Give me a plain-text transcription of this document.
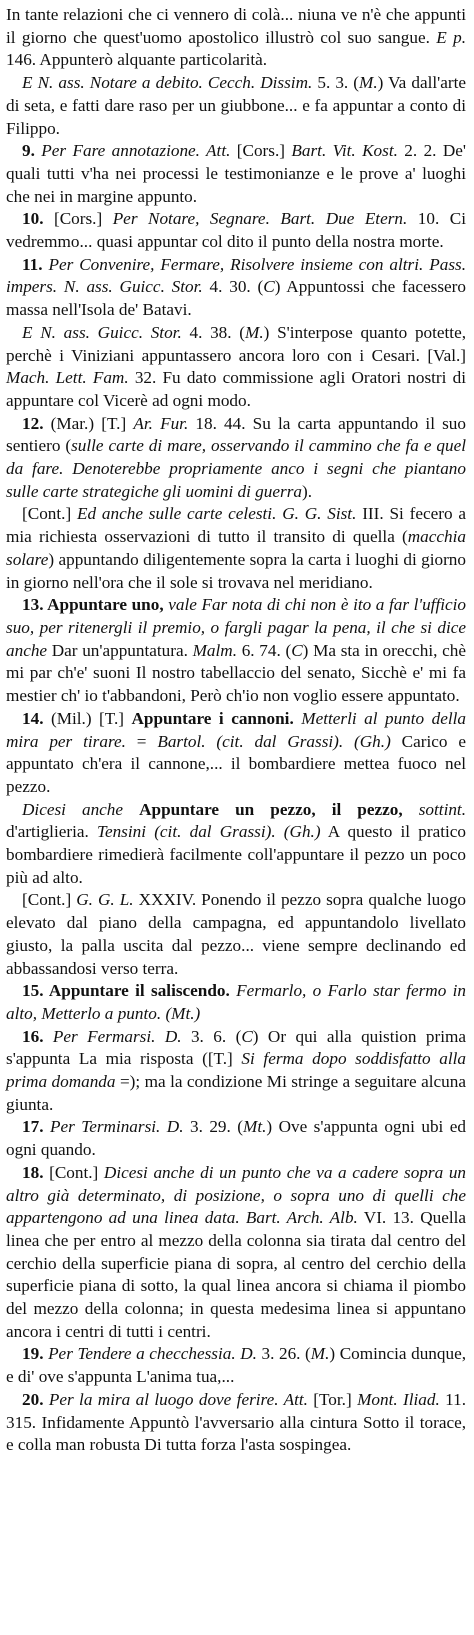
In tante relazioni che ci vennero di colà... niuna ve n'è che appunti il giorno che quest'uomo apostolico illustrò col suo sangue. E p. 146. Appunterò alquante particolarità.

E N. ass. Notare a debito. Cecch. Dissim. 5. 3. (M.) Va dall'arte di seta, e fatti dare raso per un giubbone... e fa appuntar a conto di Filippo.

9. Per Fare annotazione. Att. [Cors.] Bart. Vit. Kost. 2. 2. De' quali tutti v'ha nei processi le testimonianze e le prove a' luoghi che nei in margine appunto.

10. [Cors.] Per Notare, Segnare. Bart. Due Etern. 10. Ci vedremmo... quasi appuntar col dito il punto della nostra morte.

11. Per Convenire, Fermare, Risolvere insieme con altri. Pass. impers. N. ass. Guicc. Stor. 4. 30. (C) Appuntossi che facessero massa nell'Isola de' Batavi.

E N. ass. Guicc. Stor. 4. 38. (M.) S'interpose quanto potette, perchè i Viniziani appuntassero ancora loro con i Cesari. [Val.] Mach. Lett. Fam. 32. Fu dato commissione agli Oratori nostri di appuntare col Vicerè ad ogni modo.

12. (Mar.) [T.] Ar. Fur. 18. 44. Su la carta appuntando il suo sentiero (sulle carte di mare, osservando il cammino che fa e quel da fare. Denoterebbe propriamente anco i segni che piantano sulle carte strategiche gli uomini di guerra).

[Cont.] Ed anche sulle carte celesti. G. G. Sist. III. Si fecero a mia richiesta osservazioni di tutto il transito di quella (macchia solare) appuntando diligentemente sopra la carta i luoghi di giorno in giorno nell'ora che il sole si trovava nel meridiano.

13. Appuntare uno, vale Far nota di chi non è ito a far l'ufficio suo, per ritenergli il premio, o fargli pagar la pena, il che si dice anche Dar un'appuntatura. Malm. 6. 74. (C) Ma sta in orecchi, chè mi par ch'e' suoni Il nostro tabellaccio del senato, Sicchè e' mi fa mestier ch' io t'abbandoni, Però ch'io non voglio essere appuntato.

14. (Mil.) [T.] Appuntare i cannoni. Metterli al punto della mira per tirare. = Bartol. (cit. dal Grassi). (Gh.) Carico e appuntato ch'era il cannone,... il bombardiere mettea fuoco nel pezzo.

Dicesi anche Appuntare un pezzo, il pezzo, sottint. d'artiglieria. Tensini (cit. dal Grassi). (Gh.) A questo il pratico bombardiere rimedierà facilmente coll'appuntare il pezzo un poco più ad alto.

[Cont.] G. G. L. XXXIV. Ponendo il pezzo sopra qualche luogo elevato dal piano della campagna, ed appuntandolo livellato giusto, la palla uscita dal pezzo... viene sempre declinando ed abbassandosi verso terra.

15. Appuntare il saliscendo. Fermarlo, o Farlo star fermo in alto, Metterlo a punto. (Mt.)

16. Per Fermarsi. D. 3. 6. (C) Or qui alla quistion prima s'appunta La mia risposta ([T.] Si ferma dopo soddisfatto alla prima domanda =); ma la condizione Mi stringe a seguitare alcuna giunta.

17. Per Terminarsi. D. 3. 29. (Mt.) Ove s'appunta ogni ubi ed ogni quando.

18. [Cont.] Dicesi anche di un punto che va a cadere sopra un altro già determinato, di posizione, o sopra uno di quelli che appartengono ad una linea data. Bart. Arch. Alb. VI. 13. Quella linea che per entro al mezzo della colonna sia tirata dal centro del cerchio della superficie piana di sopra, al centro del cerchio della superficie piana di sotto, la qual linea ancora si chiama il piombo del mezzo della colonna; in questa medesima linea si appuntano ancora i centri di tutti i centri.

19. Per Tendere a checchessia. D. 3. 26. (M.) Comincia dunque, e di' ove s'appunta L'anima tua,...

20. Per la mira al luogo dove ferire. Att. [Tor.] Mont. Iliad. 11. 315. Infidamente Appuntò l'avversario alla cintura Sotto il torace, e colla man robusta Di tutta forza l'asta sospingea.
